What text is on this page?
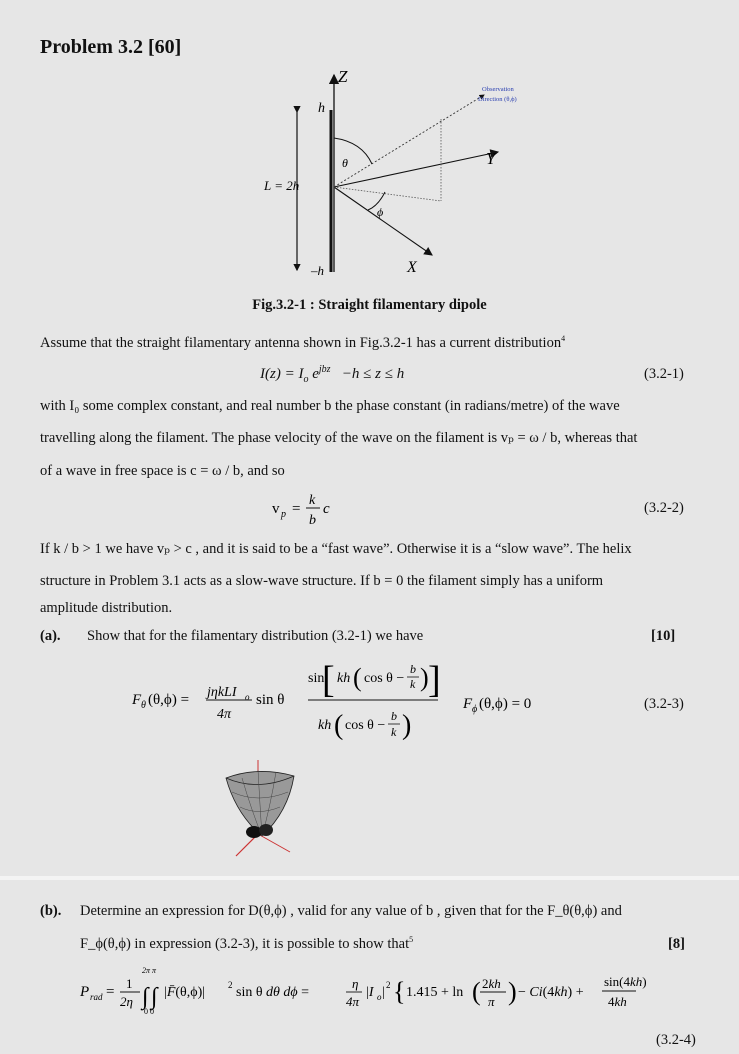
Problem 3.2 [60]
Z
Y
X
h
–h
L = 2h
θ
ϕ
Observation
Direction (θ,ϕ)
Fig.3.2-1 : Straight filamentary dipole
Assume that the straight filamentary antenna shown in Fig.3.2-1 has a current distribution$^4$
$I(z) = I_o$ $e^{jbz} -h \le z \le h$	(3.2-1)
with I₀ some complex constant, and real number b the phase constant (in radians/metre) of the wave
travelling along the filament. The phase velocity of the wave on the filament is vₚ = ω / b, whereas that
of a wave in free space is c = ω / b, and so
v p =
k
b
c	(3.2-2)
If k / b > 1 we have vₚ > c , and it is said to be a “fast wave”. Otherwise it is a “slow wave”. The helix
structure in Problem 3.1 acts as a slow-wave structure. If b = 0 the filament simply has a uniform
amplitude distribution.
(a). Show that for the filamentary distribution (3.2-1) we have	[10]
F θ (θ,ϕ) = jηkLI o
4π
sin θ
sin
[ kh ( cos θ −
b
k ) ]
kh ( cos θ −
b
k )
F ϕ (θ,ϕ) = 0	(3.2-3)
(b). Determine an expression for D(θ,ϕ) , valid for any value of b , given that for the F_θ(θ,ϕ) and
F_ϕ(θ,ϕ) in expression (3.2-3), it is possible to show that$^5$	[8]
P rad =
1
2η
2π π
∫ ∫
0 0
|F̄(θ,ϕ)|	2 sin θ dθ dϕ =
η
4π
|I o | 2 { 1.415 + ln ( 2kh
π ) − Ci(4kh) +
sin(4kh)
4kh
(3.2-4)
